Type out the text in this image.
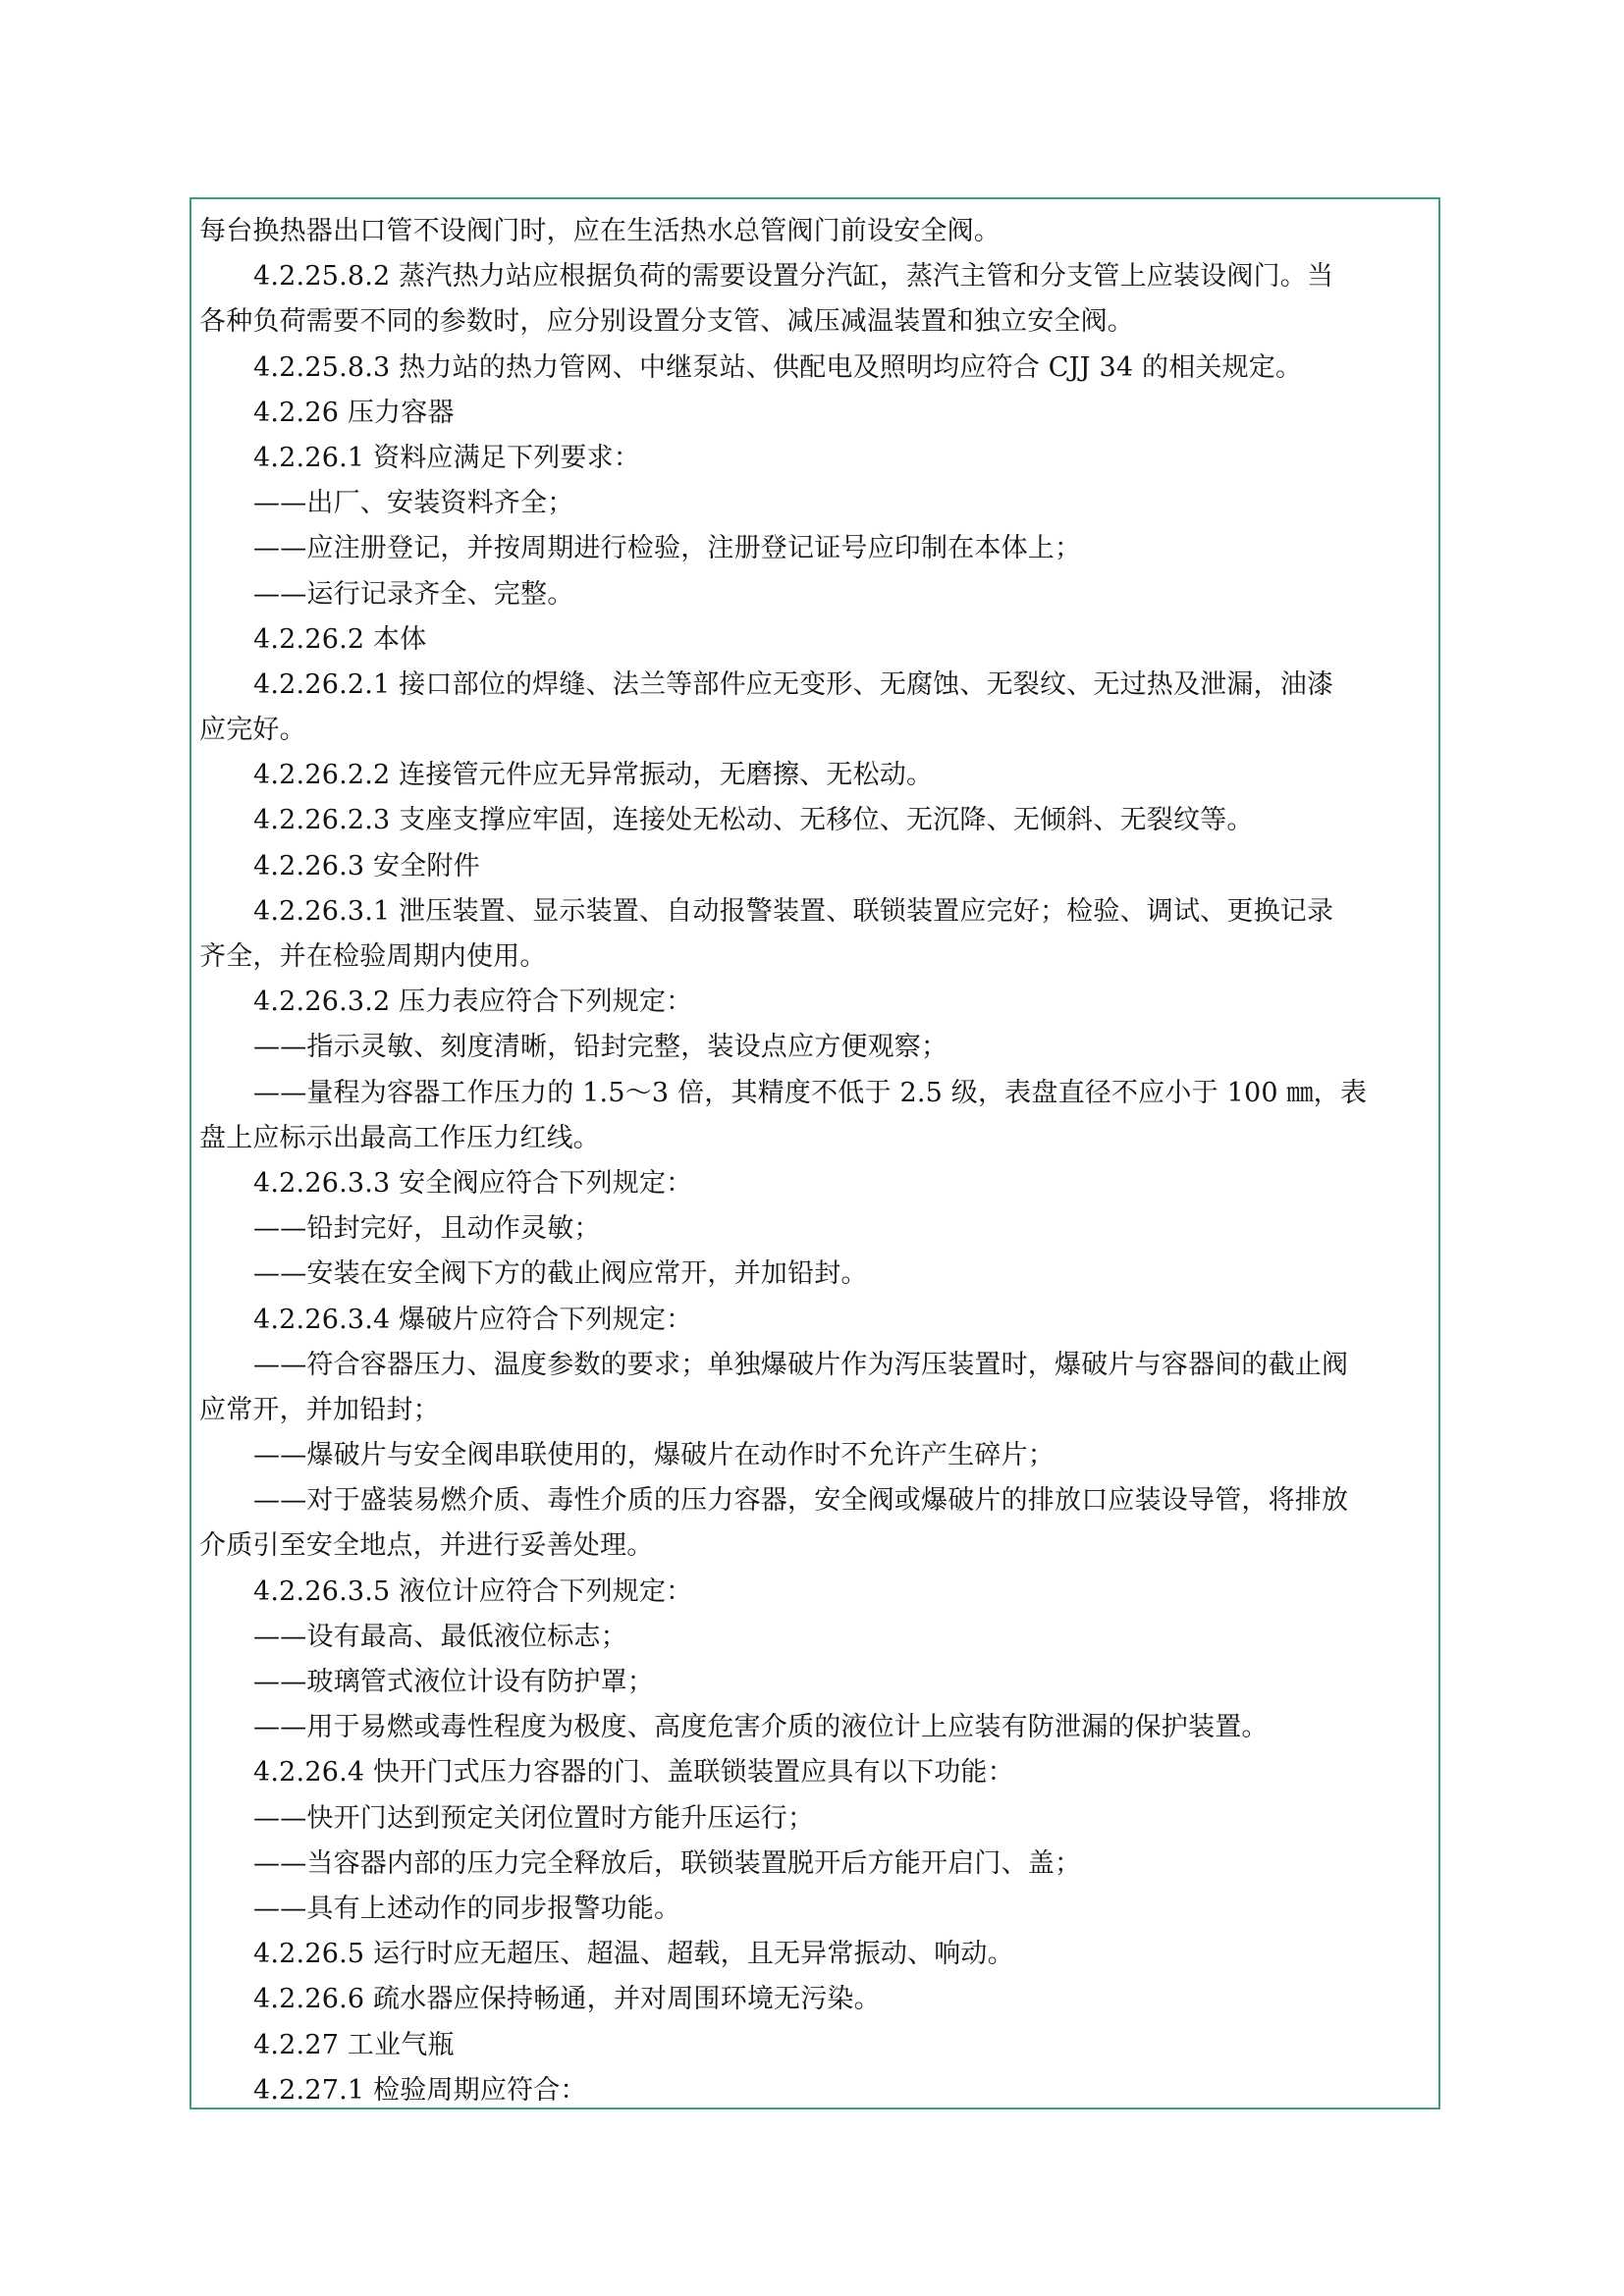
每台换热器出口管不设阀门时，应在生活热水总管阀门前设安全阀。
4.2.25.8.2 蒸汽热力站应根据负荷的需要设置分汽缸，蒸汽主管和分支管上应装设阀门。当
各种负荷需要不同的参数时，应分别设置分支管、减压减温装置和独立安全阀。
4.2.25.8.3 热力站的热力管网、中继泵站、供配电及照明均应符合 CJJ 34 的相关规定。
4.2.26 压力容器
4.2.26.1 资料应满足下列要求：
——出厂、安装资料齐全；
——应注册登记，并按周期进行检验，注册登记证号应印制在本体上；
——运行记录齐全、完整。
4.2.26.2 本体
4.2.26.2.1 接口部位的焊缝、法兰等部件应无变形、无腐蚀、无裂纹、无过热及泄漏，油漆
应完好。
4.2.26.2.2 连接管元件应无异常振动，无磨擦、无松动。
4.2.26.2.3 支座支撑应牢固，连接处无松动、无移位、无沉降、无倾斜、无裂纹等。
4.2.26.3 安全附件
4.2.26.3.1 泄压装置、显示装置、自动报警装置、联锁装置应完好；检验、调试、更换记录
齐全，并在检验周期内使用。
4.2.26.3.2 压力表应符合下列规定：
——指示灵敏、刻度清晰，铅封完整，装设点应方便观察；
——量程为容器工作压力的 1.5～3 倍，其精度不低于 2.5 级，表盘直径不应小于 100 ㎜，表
盘上应标示出最高工作压力红线。
4.2.26.3.3 安全阀应符合下列规定：
——铅封完好，且动作灵敏；
——安装在安全阀下方的截止阀应常开，并加铅封。
4.2.26.3.4 爆破片应符合下列规定：
——符合容器压力、温度参数的要求；单独爆破片作为泻压装置时，爆破片与容器间的截止阀
应常开，并加铅封；
——爆破片与安全阀串联使用的，爆破片在动作时不允许产生碎片；
——对于盛装易燃介质、毒性介质的压力容器，安全阀或爆破片的排放口应装设导管，将排放
介质引至安全地点，并进行妥善处理。
4.2.26.3.5 液位计应符合下列规定：
——设有最高、最低液位标志；
——玻璃管式液位计设有防护罩；
——用于易燃或毒性程度为极度、高度危害介质的液位计上应装有防泄漏的保护装置。
4.2.26.4 快开门式压力容器的门、盖联锁装置应具有以下功能：
——快开门达到预定关闭位置时方能升压运行；
——当容器内部的压力完全释放后，联锁装置脱开后方能开启门、盖；
——具有上述动作的同步报警功能。
4.2.26.5 运行时应无超压、超温、超载，且无异常振动、响动。
4.2.26.6 疏水器应保持畅通，并对周围环境无污染。
4.2.27 工业气瓶
4.2.27.1 检验周期应符合：
